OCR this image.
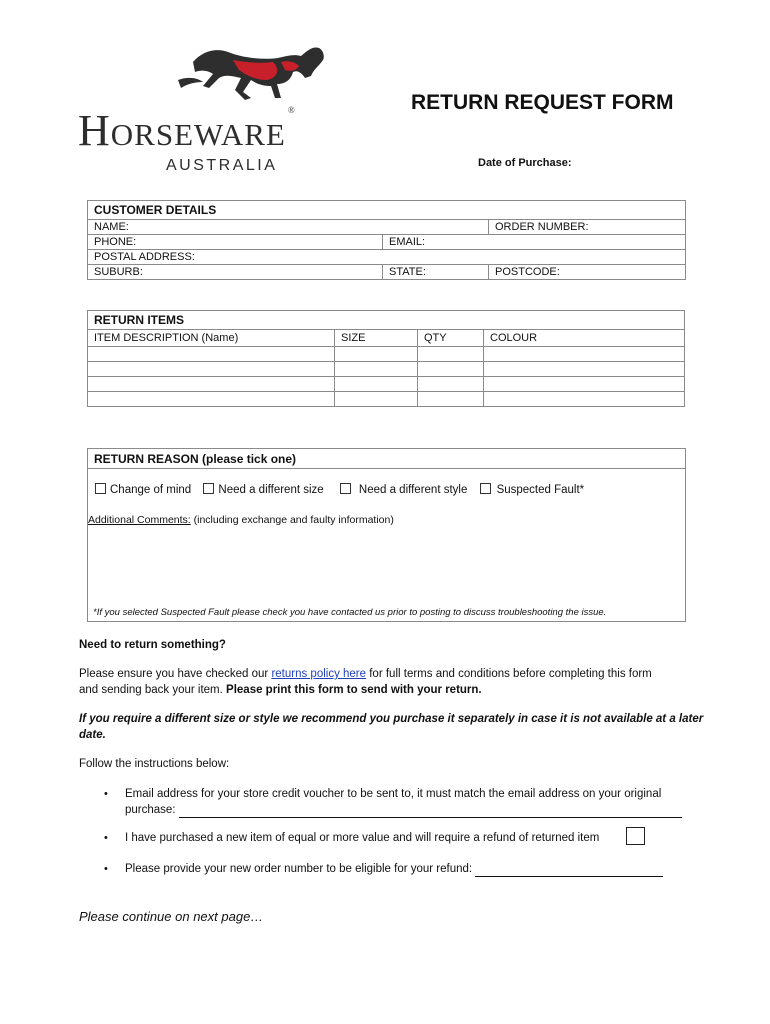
Horseware ®
AUSTRALIA
RETURN REQUEST FORM
Date of Purchase:
CUSTOMER DETAILS		
NAME:		ORDER NUMBER:
PHONE:	EMAIL:	
POSTAL ADDRESS:		
SUBURB:	STATE:	POSTCODE:
RETURN ITEMS			
ITEM DESCRIPTION (Name)	SIZE	QTY	COLOUR

RETURN REASON (please tick one)
Change of mind Need a different size	Need a different style	Suspected Fault*
Additional Comments: (including exchange and faulty information)
*If you selected Suspected Fault please check you have contacted us prior to posting to discuss troubleshooting the issue.
Need to return something?
Please ensure you have checked our returns policy here for full terms and conditions before completing this form
and sending back your item. Please print this form to send with your return.
If you require a different size or style we recommend you purchase it separately in case it is not available at a later
date.
Follow the instructions below:
• Email address for your store credit voucher to be sent to, it must match the email address on your original
purchase:
• I have purchased a new item of equal or more value and will require a refund of returned item
• Please provide your new order number to be eligible for your refund:
Please continue on next page…
